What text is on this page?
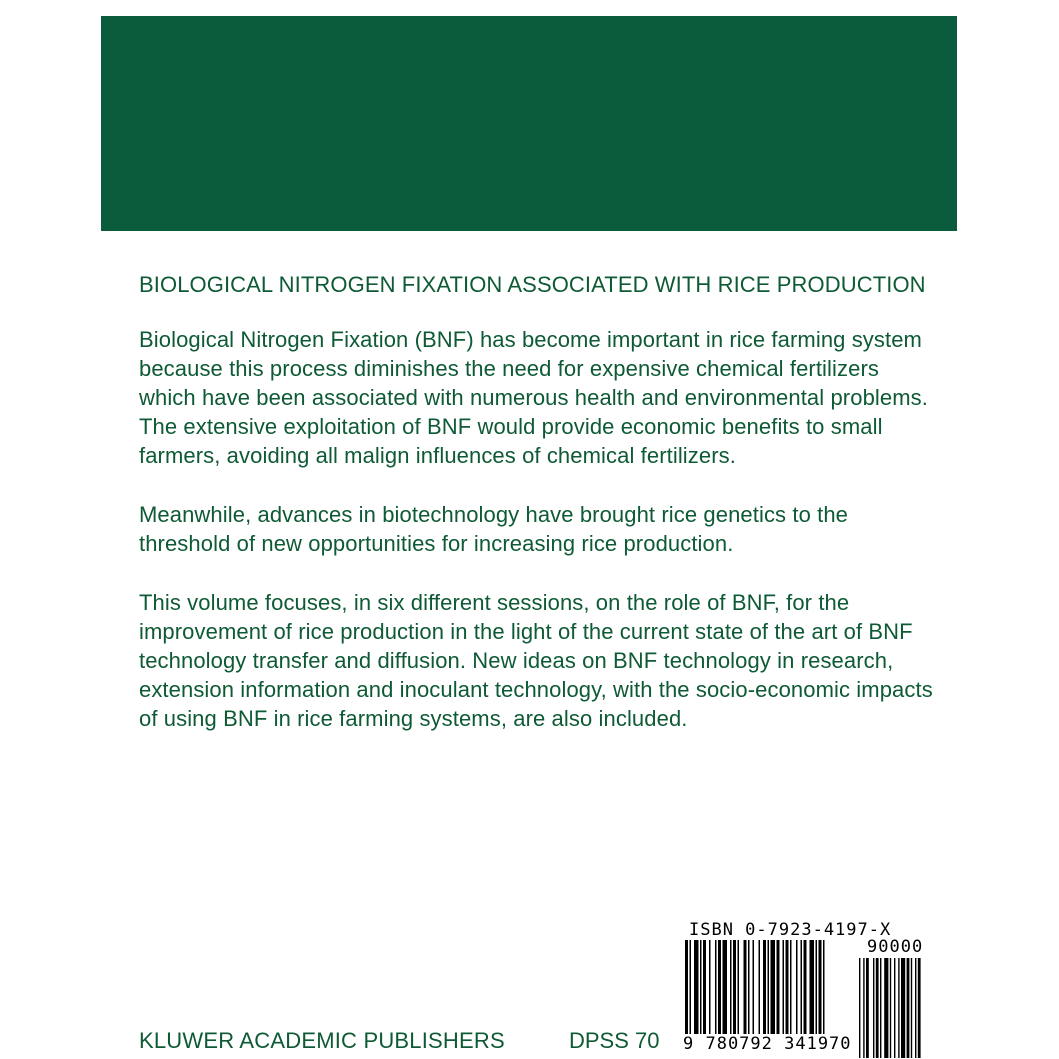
BIOLOGICAL NITROGEN FIXATION ASSOCIATED WITH RICE PRODUCTION

Biological Nitrogen Fixation (BNF) has become important in rice farming system because this process diminishes the need for expensive chemical fertilizers which have been associated with numerous health and environmental problems. The extensive exploitation of BNF would provide economic benefits to small farmers, avoiding all malign influences of chemical fertilizers.

Meanwhile, advances in biotechnology have brought rice genetics to the threshold of new opportunities for increasing rice production.

This volume focuses, in six different sessions, on the role of BNF, for the improvement of rice production in the light of the current state of the art of BNF technology transfer and diffusion. New ideas on BNF technology in research, extension information and inoculant technology, with the socio-economic impacts of using BNF in rice farming systems, are also included.

KLUWER ACADEMIC PUBLISHERS	DPSS 70
ISBN 0-7923-4197-X
90000
9 780792 341970
